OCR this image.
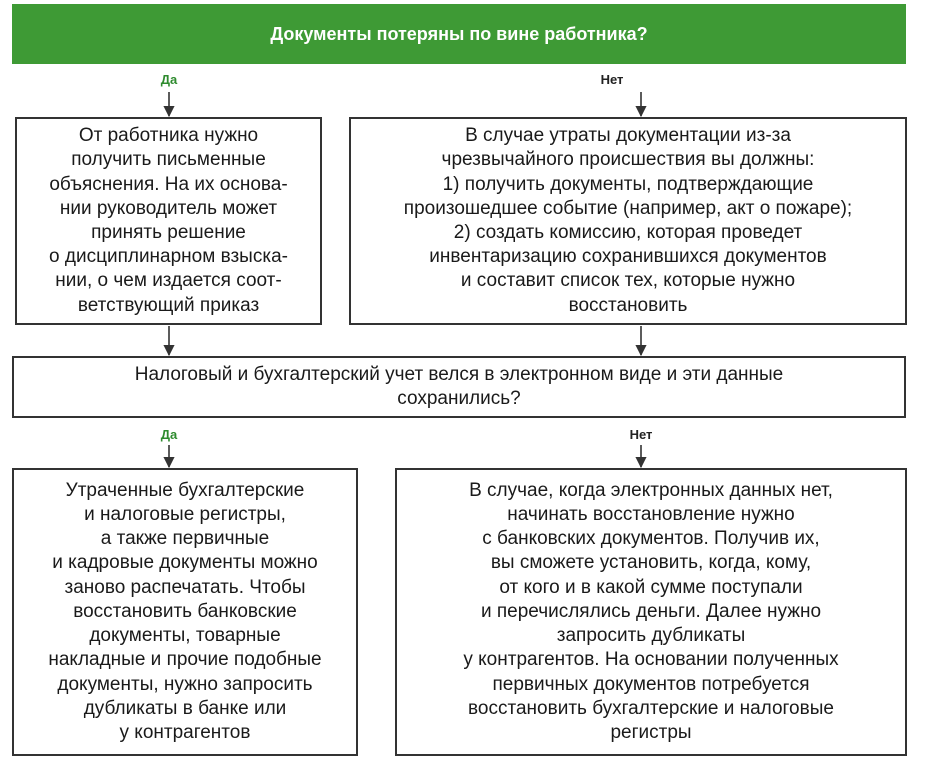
Документы потеряны по вине работника?
Да	Нет
Да	Нет
От работника нужно
получить письменные
объяснения. На их основа-
нии руководитель может
принять решение
о дисциплинарном взыска-
нии, о чем издается соот-
ветствующий приказ
В случае утраты документации из-за
чрезвычайного происшествия вы должны:
1) получить документы, подтверждающие
произошедшее событие (например, акт о пожаре);
2) создать комиссию, которая проведет
инвентаризацию сохранившихся документов
и составит список тех, которые нужно
восстановить
Налоговый и бухгалтерский учет велся в электронном виде и эти данные
сохранились?
Утраченные бухгалтерские
и налоговые регистры,
а также первичные
и кадровые документы можно
заново распечатать. Чтобы
восстановить банковские
документы, товарные
накладные и прочие подобные
документы, нужно запросить
дубликаты в банке или
у контрагентов
В случае, когда электронных данных нет,
начинать восстановление нужно
с банковских документов. Получив их,
вы сможете установить, когда, кому,
от кого и в какой сумме поступали
и перечислялись деньги. Далее нужно
запросить дубликаты
у контрагентов. На основании полученных
первичных документов потребуется
восстановить бухгалтерские и налоговые
регистры
